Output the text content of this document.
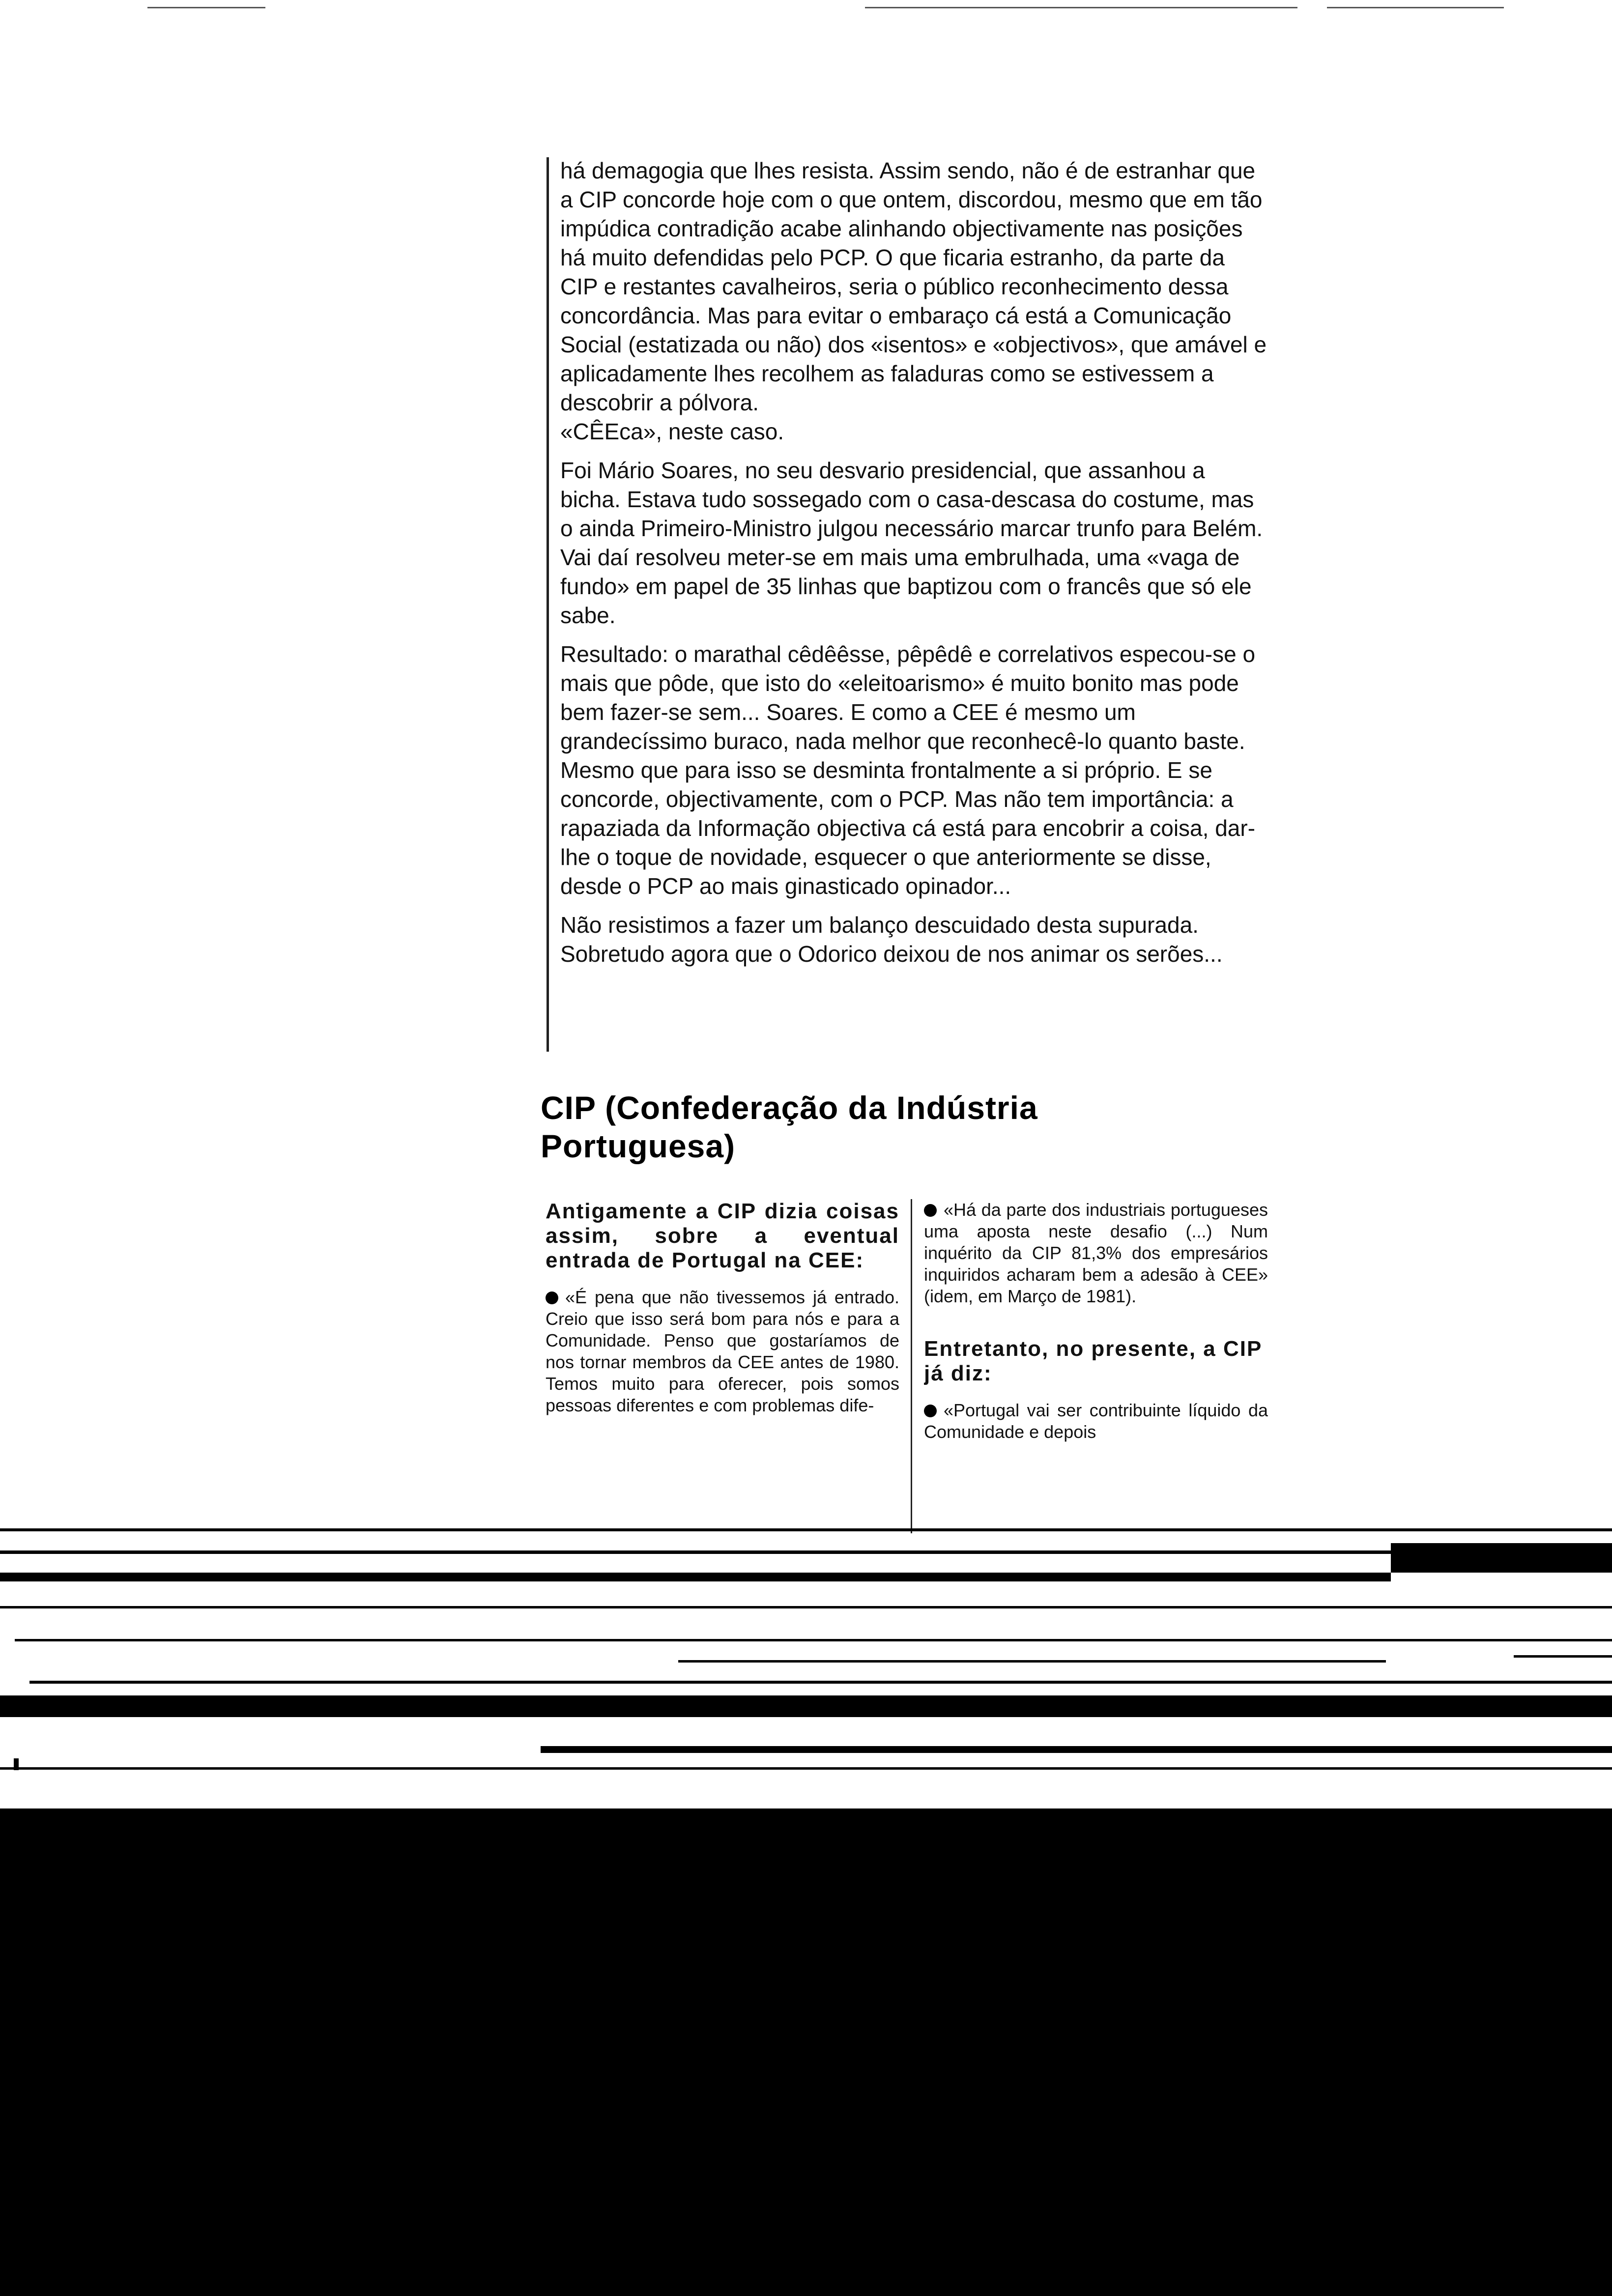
há demagogia que lhes resista. Assim sendo, não é de estranhar que a CIP concorde hoje com o que ontem, discordou, mesmo que em tão impúdica contradição acabe alinhando objectivamente nas posições há muito defendidas pelo PCP. O que ficaria estranho, da parte da CIP e restantes cavalheiros, seria o público reconhecimento dessa concordância. Mas para evitar o embaraço cá está a Comunicação Social (estatizada ou não) dos «isentos» e «objectivos», que amável e aplicadamente lhes recolhem as faladuras como se estivessem a descobrir a pólvora.

«CÊEca», neste caso.

Foi Mário Soares, no seu desvario presidencial, que assanhou a bicha. Estava tudo sossegado com o casa-descasa do costume, mas o ainda Primeiro-Ministro julgou necessário marcar trunfo para Belém. Vai daí resolveu meter-se em mais uma embrulhada, uma «vaga de fundo» em papel de 35 linhas que baptizou com o francês que só ele sabe.

Resultado: o marathal cêdêêsse, pêpêdê e correlativos especou-se o mais que pôde, que isto do «eleitoarismo» é muito bonito mas pode bem fazer-se sem... Soares. E como a CEE é mesmo um grandecíssimo buraco, nada melhor que reconhecê-lo quanto baste. Mesmo que para isso se desminta frontalmente a si próprio. E se concorde, objectivamente, com o PCP. Mas não tem importância: a rapaziada da Informação objectiva cá está para encobrir a coisa, dar-lhe o toque de novidade, esquecer o que anteriormente se disse, desde o PCP ao mais ginasticado opinador...

Não resistimos a fazer um balanço descuidado desta supurada. Sobretudo agora que o Odorico deixou de nos animar os serões...

CIP (Confederação da Indústria Portuguesa)

Antigamente a CIP dizia coisas assim, sobre a eventual entrada de Portugal na CEE:

«É pena que não tivessemos já entrado. Creio que isso será bom para nós e para a Comunidade. Penso que gostaríamos de nos tornar membros da CEE antes de 1980. Temos muito para oferecer, pois somos pessoas diferentes e com problemas dife-

«Há da parte dos industriais portugueses uma aposta neste desafio (...) Num inquérito da CIP 81,3% dos empresários inquiridos acharam bem a adesão à CEE» (idem, em Março de 1981).

Entretanto, no presente, a CIP já diz:

«Portugal vai ser contribuinte líquido da Comunidade e depois
